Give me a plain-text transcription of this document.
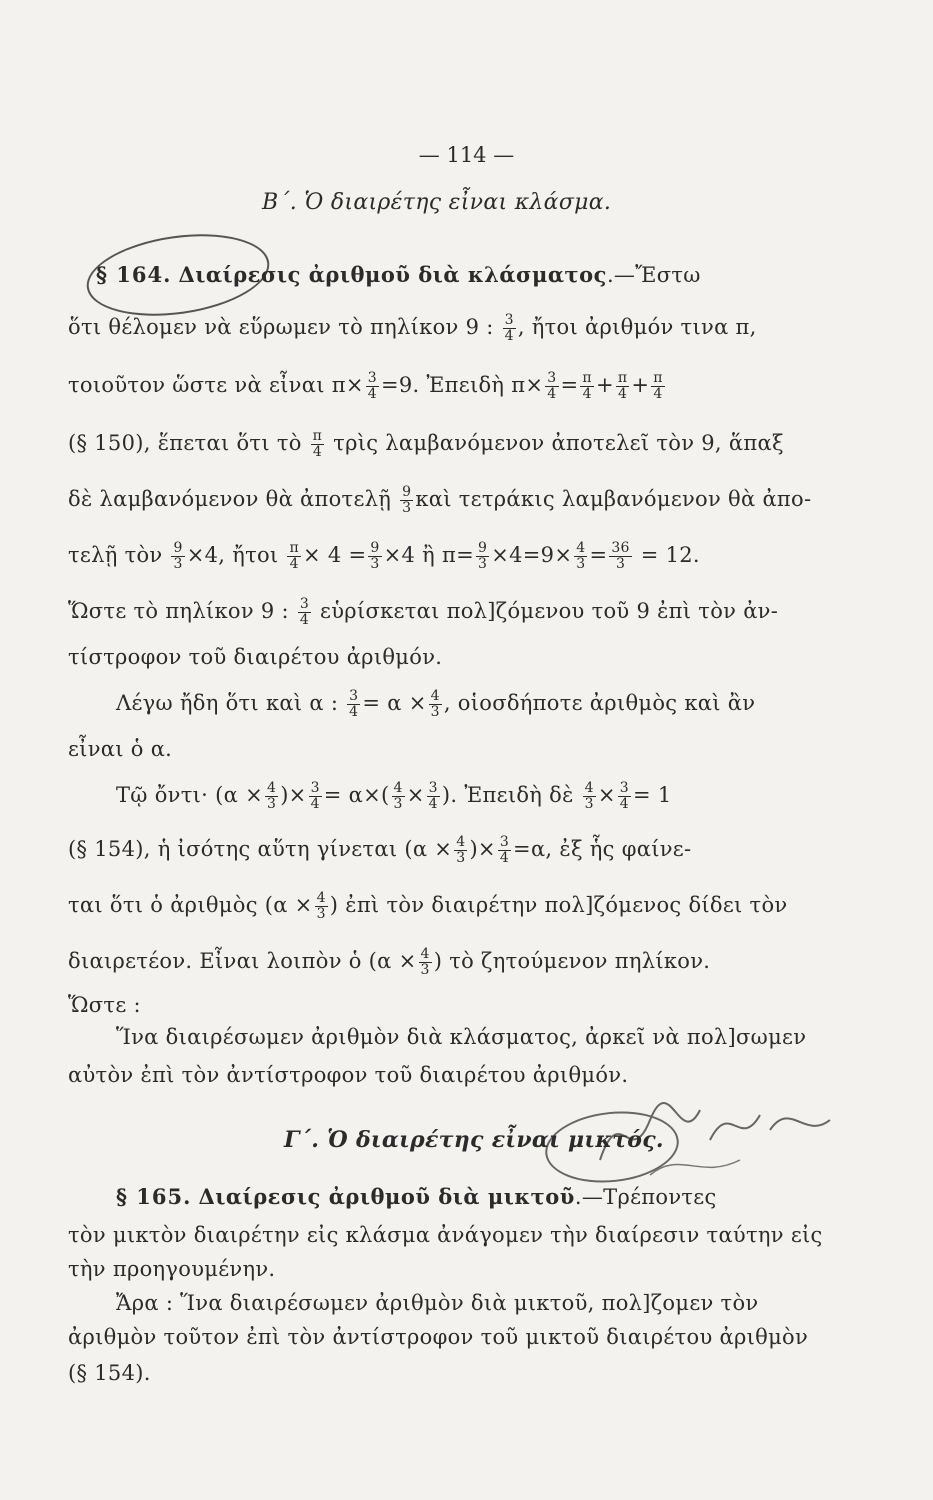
— 114 —
Β΄. Ὁ διαιρέτης εἶναι κλάσμα.
§ 164. Διαίρεσις ἀριθμοῦ διὰ κλάσματος.—Ἔστω
ὅτι θέλομεν νὰ εὕρωμεν τὸ πηλίκον 9 : $\frac{3}{4}$ , ἤτοι ἀριθμόν τινα π,
τοιοῦτον ὥστε νὰ εἶναι $\pi\times \frac{3}{4} =9$. Ἐπειδὴ $\pi\times \frac{3}{4} = \frac{\pi}{4} + \frac{\pi}{4} + \frac{\pi}{4}$
(§ 150), ἕπεται ὅτι τὸ $\frac{\pi}{4}$ τρὶς λαμβανόμενον ἀποτελεῖ τὸν 9, ἅπαξ
δὲ λαμβανόμενον θὰ ἀποτελῇ $\frac{9}{3}$ καὶ τετράκις λαμβανόμενον θὰ ἀπο-
τελῇ τὸν $\frac{9}{3} \times 4$, ἤτοι $\frac{\pi}{4} \times 4 = \frac{9}{3} \times 4$ ἢ $\pi= \frac{9}{3} \times 4=9\times \frac{4}{3} = \frac{36}{3} = 12$.
Ὥστε τὸ πηλίκον 9 : $\frac{3}{4}$ εὑρίσκεται πολ]ζόμενου τοῦ 9 ἐπὶ τὸν ἀν-
τίστροφον τοῦ διαιρέτου ἀριθμόν.
Λέγω ἤδη ὅτι καὶ α : $\frac{3}{4} = \alpha \times \frac{4}{3}$ , οἱοσδήποτε ἀριθμὸς καὶ ἂν
εἶναι ὁ α.
Τῷ ὄντι· ($\alpha \times \frac{4}{3}$ )× $\frac{3}{4} = \alpha\times( \frac{4}{3} \times \frac{3}{4}$ ). Ἐπειδὴ δὲ $\frac{4}{3} \times \frac{3}{4} = 1$
(§ 154), ἡ ἰσότης αὕτη γίνεται ($\alpha \times \frac{4}{3}$ )× $\frac{3}{4} =\alpha$, ἐξ ἧς φαίνε-
ται ὅτι ὁ ἀριθμὸς ($\alpha \times \frac{4}{3}$ ) ἐπὶ τὸν διαιρέτην πολ]ζόμενος δίδει τὸν
διαιρετέον. Εἶναι λοιπὸν ὁ ($\alpha \times \frac{4}{3}$ ) τὸ ζητούμενον πηλίκον.
Ὥστε :
Ἵνα διαιρέσωμεν ἀριθμὸν διὰ κλάσματος, ἀρκεῖ νὰ πολ]σωμεν
αὐτὸν ἐπὶ τὸν ἀντίστροφον τοῦ διαιρέτου ἀριθμόν.
Γ΄. Ὁ διαιρέτης εἶναι μικτός.
§ 165. Διαίρεσις ἀριθμοῦ διὰ μικτοῦ.—Τρέποντες
τὸν μικτὸν διαιρέτην εἰς κλάσμα ἀνάγομεν τὴν διαίρεσιν ταύτην εἰς
τὴν προηγουμένην.
Ἄρα : Ἵνα διαιρέσωμεν ἀριθμὸν διὰ μικτοῦ, πολ]ζομεν τὸν
ἀριθμὸν τοῦτον ἐπὶ τὸν ἀντίστροφον τοῦ μικτοῦ διαιρέτου ἀριθμὸν
(§ 154).
